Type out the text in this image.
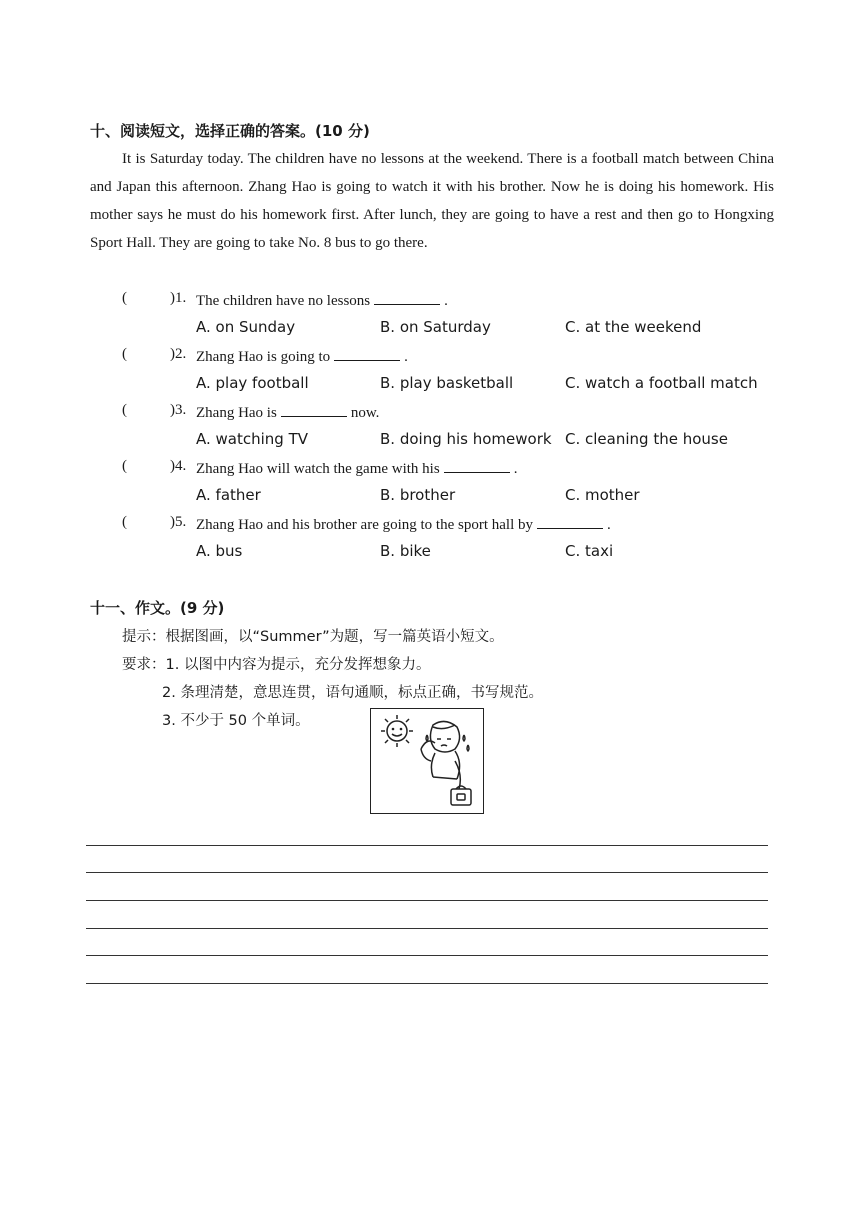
十、阅读短文，选择正确的答案。(10 分)

It is Saturday today. The children have no lessons at the weekend. There is a football match between China and Japan this afternoon. Zhang Hao is going to watch it with his brother. Now he is doing his homework. His mother says he must do his homework first. After lunch, they are going to have a rest and then go to Hongxing Sport Hall. They are going to take No. 8 bus to go there.

(	)1. The children have no lessons	.
A. on Sunday	B. on Saturday	C. at the weekend
(	)2. Zhang Hao is going to	.
A. play football	B. play basketball	C. watch a football match
(	)3. Zhang Hao is	now.
A. watching TV	B. doing his homework C. cleaning the house
(	)4. Zhang Hao will watch the game with his	.
A. father	B. brother	C. mother
(	)5. Zhang Hao and his brother are going to the sport hall by	.
A. bus	B. bike	C. taxi
十一、作文。(9 分)
提示：根据图画，以“Summer”为题，写一篇英语小短文。
要求：1. 以图中内容为提示，充分发挥想象力。
2. 条理清楚，意思连贯，语句通顺，标点正确，书写规范。
3. 不少于 50 个单词。
